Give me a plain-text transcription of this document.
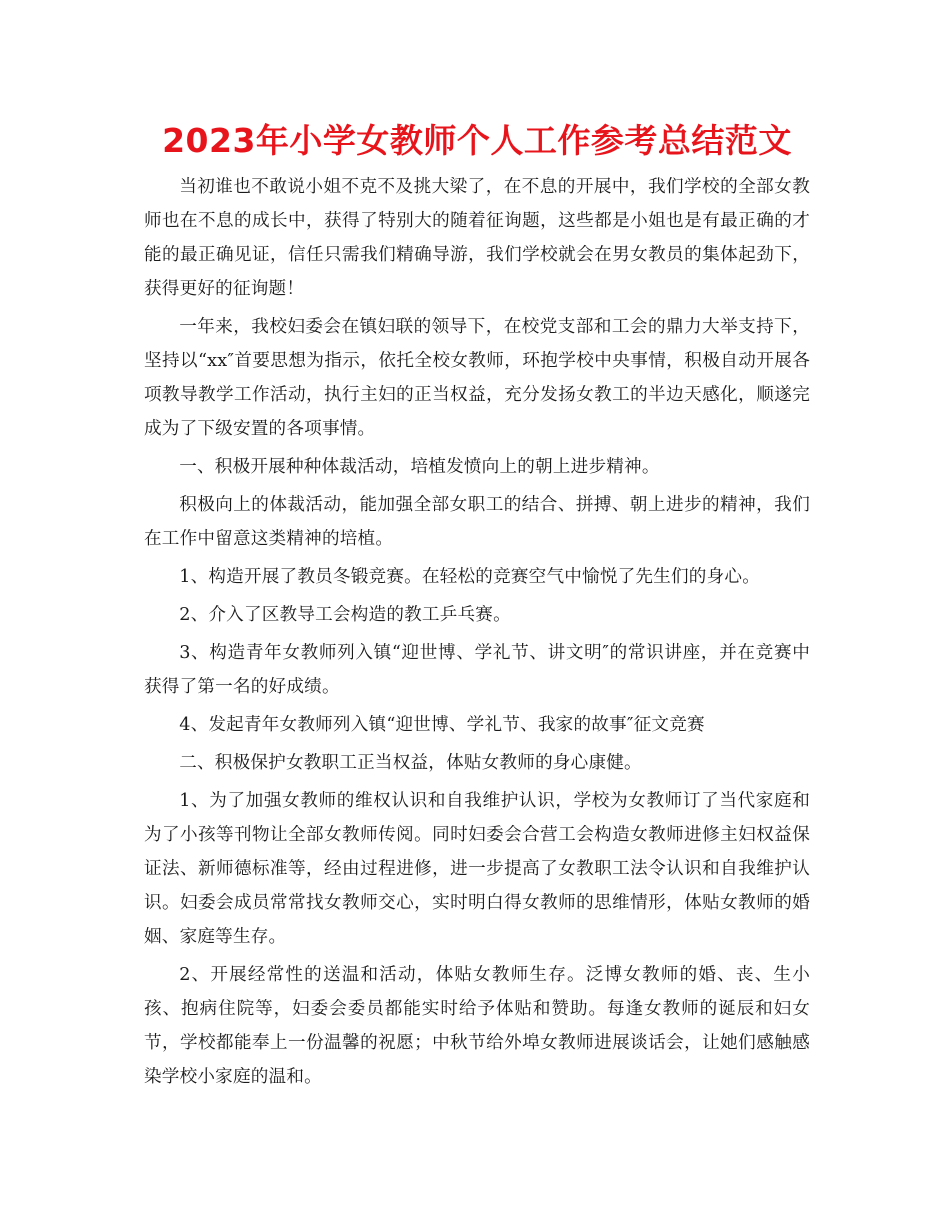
2023年小学女教师个人工作参考总结范文

当初谁也不敢说小姐不克不及挑大梁了，在不息的开展中，我们学校的全部女教师也在不息的成长中，获得了特别大的随着征询题，这些都是小姐也是有最正确的才能的最正确见证，信任只需我们精确导游，我们学校就会在男女教员的集体起劲下，获得更好的征询题！

一年来，我校妇委会在镇妇联的领导下，在校党支部和工会的鼎力大举支持下，坚持以“xx″首要思想为指示，依托全校女教师，环抱学校中央事情，积极自动开展各项教导教学工作活动，执行主妇的正当权益，充分发扬女教工的半边天感化，顺遂完成为了下级安置的各项事情。

一、积极开展种种体裁活动，培植发愤向上的朝上进步精神。

积极向上的体裁活动，能加强全部女职工的结合、拼搏、朝上进步的精神，我们在工作中留意这类精神的培植。

1、构造开展了教员冬锻竞赛。在轻松的竞赛空气中愉悦了先生们的身心。

2、介入了区教导工会构造的教工乒乓赛。

3、构造青年女教师列入镇“迎世博、学礼节、讲文明″的常识讲座，并在竞赛中获得了第一名的好成绩。

4、发起青年女教师列入镇“迎世博、学礼节、我家的故事″征文竞赛

二、积极保护女教职工正当权益，体贴女教师的身心康健。

1、为了加强女教师的维权认识和自我维护认识，学校为女教师订了当代家庭和为了小孩等刊物让全部女教师传阅。同时妇委会合营工会构造女教师进修主妇权益保证法、新师德标准等，经由过程进修，进一步提高了女教职工法令认识和自我维护认识。妇委会成员常常找女教师交心，实时明白得女教师的思维情形，体贴女教师的婚姻、家庭等生存。

2、开展经常性的送温和活动，体贴女教师生存。泛博女教师的婚、丧、生小孩、抱病住院等，妇委会委员都能实时给予体贴和赞助。每逢女教师的诞辰和妇女节，学校都能奉上一份温馨的祝愿；中秋节给外埠女教师进展谈话会，让她们感触感染学校小家庭的温和。
